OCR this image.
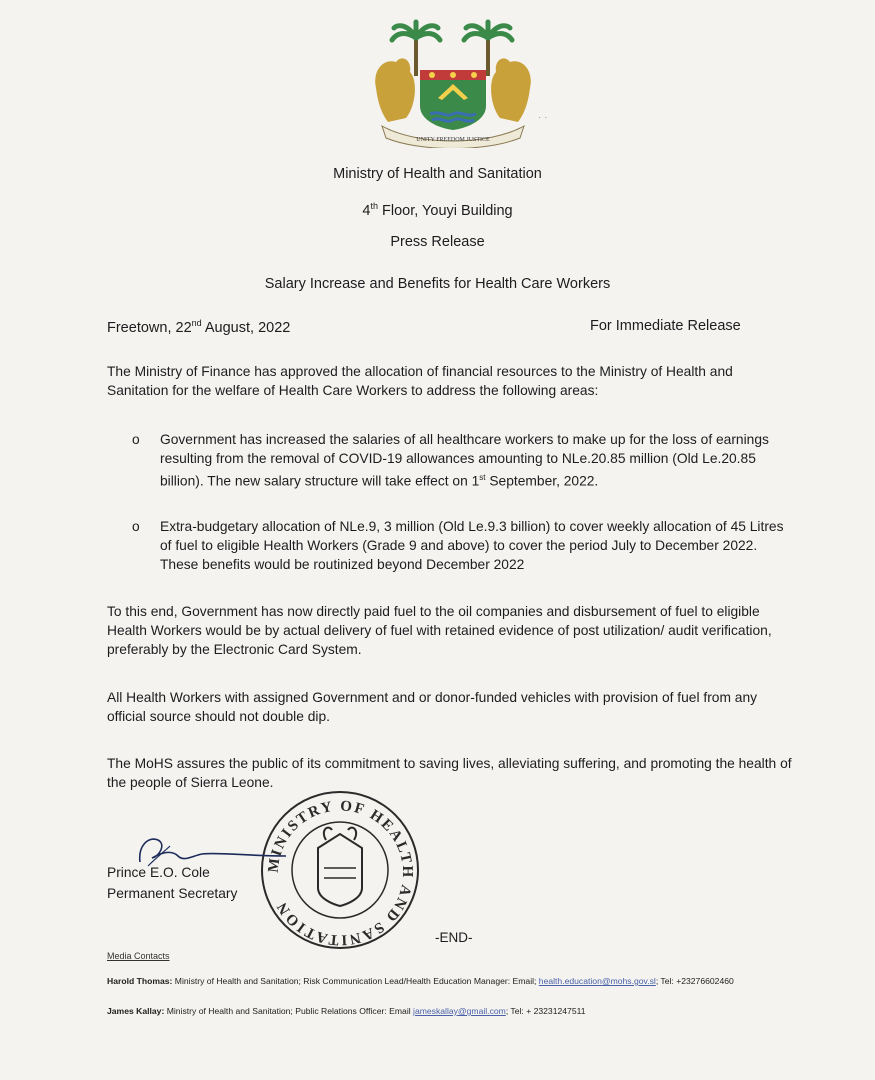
UNITY FREEDOM JUSTICE
· ·
Ministry of Health and Sanitation
4th Floor, Youyi Building
Press Release
Salary Increase and Benefits for Health Care Workers
Freetown, 22nd August, 2022	For Immediate Release
The Ministry of Finance has approved the allocation of financial resources to the Ministry of Health and Sanitation for the welfare of Health Care Workers to address the following areas:
o Government has increased the salaries of all healthcare workers to make up for the loss of earnings resulting from the removal of COVID-19 allowances amounting to NLe.20.85 million (Old Le.20.85 billion). The new salary structure will take effect on 1st September, 2022.
o Extra-budgetary allocation of NLe.9, 3 million (Old Le.9.3 billion) to cover weekly allocation of 45 Litres of fuel to eligible Health Workers (Grade 9 and above) to cover the period July to December 2022. These benefits would be routinized beyond December 2022
To this end, Government has now directly paid fuel to the oil companies and disbursement of fuel to eligible Health Workers would be by actual delivery of fuel with retained evidence of post utilization/ audit verification, preferably by the Electronic Card System.
All Health Workers with assigned Government and or donor-funded vehicles with provision of fuel from any official source should not double dip.
The MoHS assures the public of its commitment to saving lives, alleviating suffering, and promoting the health of the people of Sierra Leone.
MINISTRY OF HEALTH AND SANITATION
Prince E.O. Cole
Permanent Secretary
-END-
Media Contacts
Harold Thomas: Ministry of Health and Sanitation; Risk Communication Lead/Health Education Manager: Email; health.education@mohs.gov.sl; Tel: +23276602460
James Kallay: Ministry of Health and Sanitation; Public Relations Officer: Email jameskallay@gmail.com; Tel: + 23231247511
